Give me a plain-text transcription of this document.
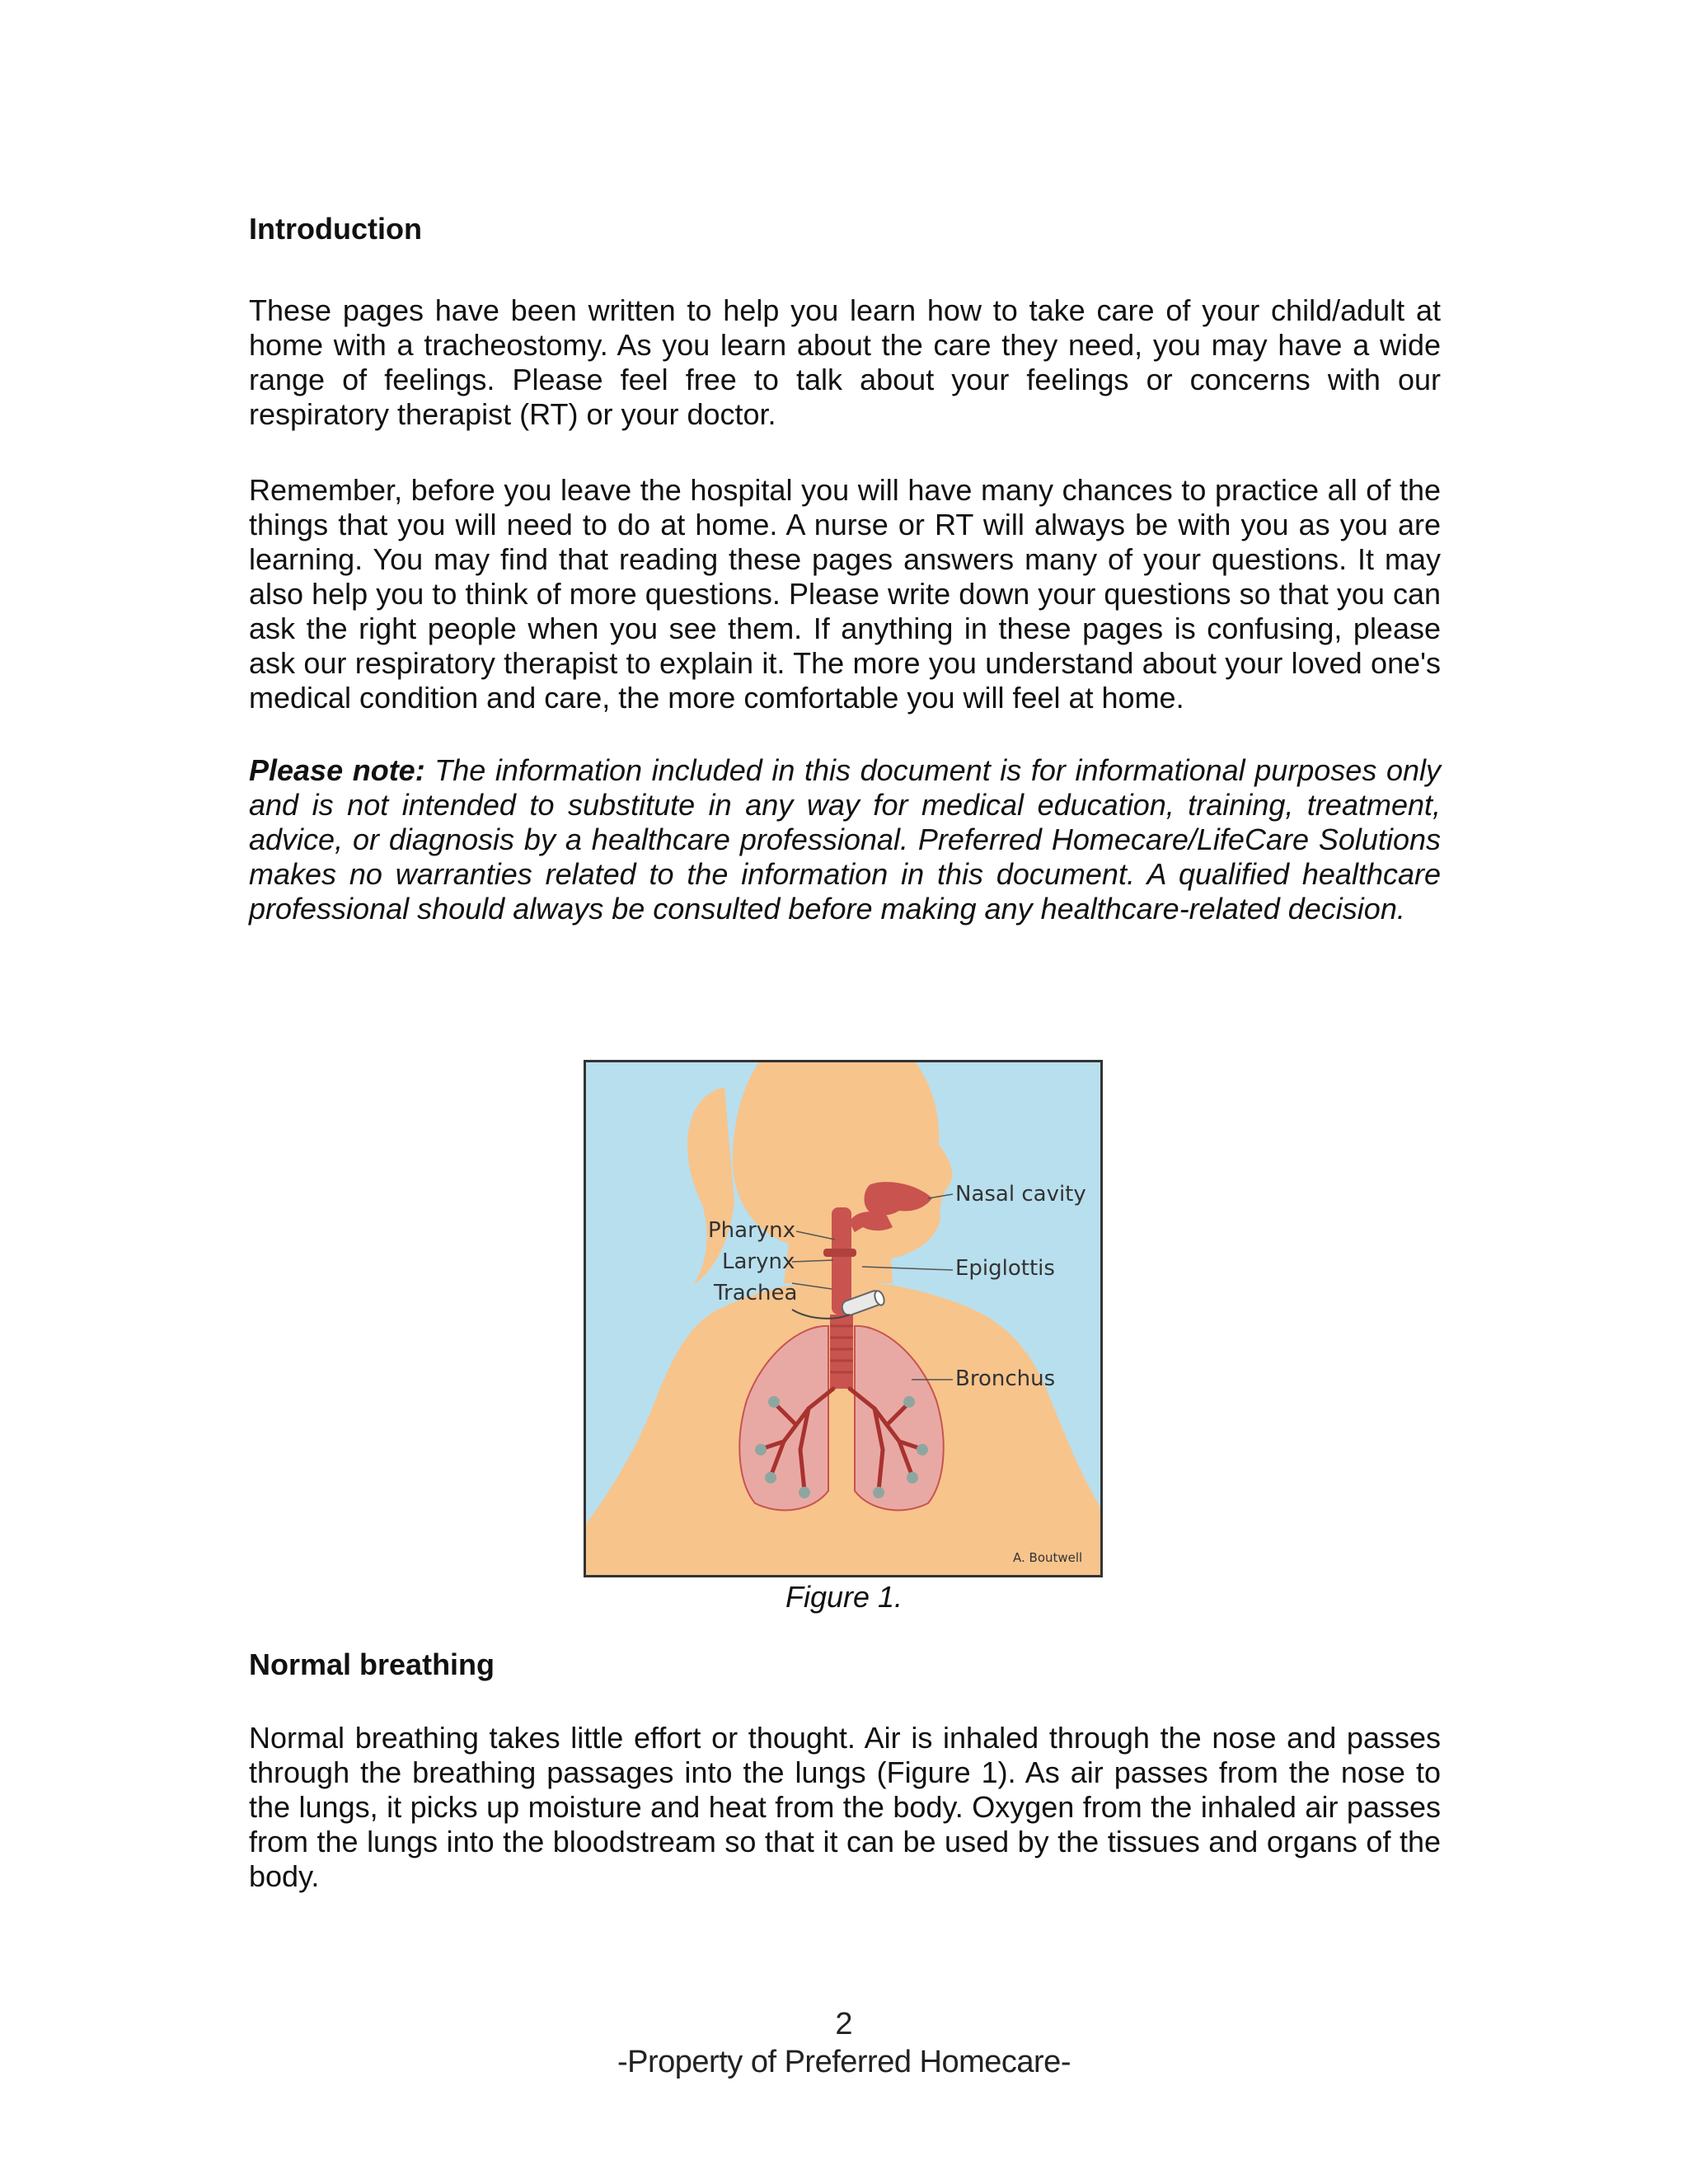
Introduction

These pages have been written to help you learn how to take care of your child/adult at home with a tracheostomy. As you learn about the care they need, you may have a wide range of feelings. Please feel free to talk about your feelings or concerns with our respiratory therapist (RT) or your doctor.

Remember, before you leave the hospital you will have many chances to practice all of the things that you will need to do at home. A nurse or RT will always be with you as you are learning. You may find that reading these pages answers many of your questions. It may also help you to think of more questions. Please write down your questions so that you can ask the right people when you see them. If anything in these pages is confusing, please ask our respiratory therapist to explain it. The more you understand about your loved one's medical condition and care, the more comfortable you will feel at home.

Please note: The information included in this document is for informational purposes only and is not intended to substitute in any way for medical education, training, treatment, advice, or diagnosis by a healthcare professional. Preferred Homecare/LifeCare Solutions makes no warranties related to the information in this document. A qualified healthcare professional should always be consulted before making any healthcare-related decision.

Normal breathing

Normal breathing takes little effort or thought. Air is inhaled through the nose and passes through the breathing passages into the lungs (Figure 1). As air passes from the nose to the lungs, it picks up moisture and heat from the body. Oxygen from the inhaled air passes from the lungs into the bloodstream so that it can be used by the tissues and organs of the body.

Nasal cavity
Pharynx
Larynx
Trachea
Epiglottis
Bronchus
A. Boutwell
Figure 1.
2
-Property of Preferred Homecare-
